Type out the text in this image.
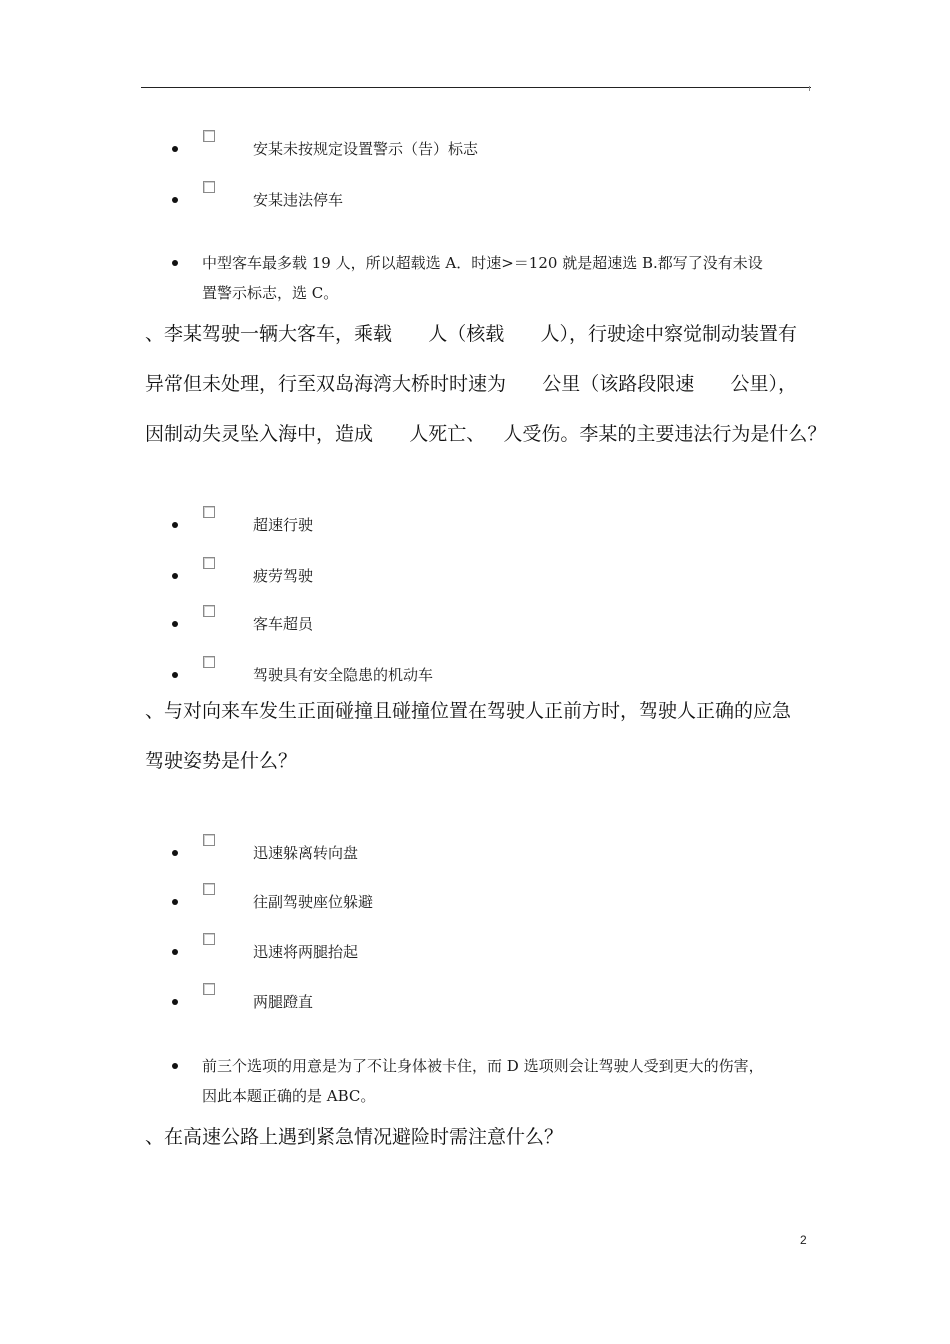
安某未按规定设置警示（告）标志
安某违法停车
中型客车最多载 19 人，所以超载选 A．时速>＝120 就是超速选 B.都写了没有未设
置警示标志，选 C。
、李某驾驶一辆大客车，乘载      人（核载      人），行驶途中察觉制动装置有
异常但未处理，行至双岛海湾大桥时时速为      公里（该路段限速      公里），
因制动失灵坠入海中，造成      人死亡、   人受伤。李某的主要违法行为是什么？
超速行驶
疲劳驾驶
客车超员
驾驶具有安全隐患的机动车
、与对向来车发生正面碰撞且碰撞位置在驾驶人正前方时，驾驶人正确的应急
驾驶姿势是什么？
迅速躲离转向盘
往副驾驶座位躲避
迅速将两腿抬起
两腿蹬直
前三个选项的用意是为了不让身体被卡住，而 D 选项则会让驾驶人受到更大的伤害，
因此本题正确的是 ABC。
、在高速公路上遇到紧急情况避险时需注意什么？
2
